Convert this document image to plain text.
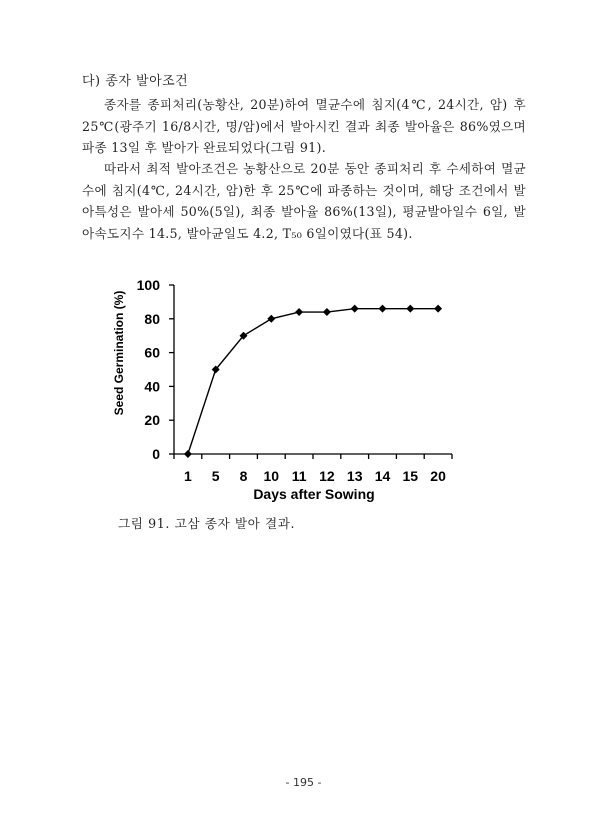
다) 종자 발아조건

종자를 종피처리(농황산, 20분)하여 멸균수에 침지(4℃, 24시간, 암) 후 25℃(광주기 16/8시간, 명/암)에서 발아시킨 결과 최종 발아율은 86%였으며 파종 13일 후 발아가 완료되었다(그림 91).

따라서 최적 발아조건은 농황산으로 20분 동안 종피처리 후 수세하여 멸균수에 침지(4℃, 24시간, 암)한 후 25℃에 파종하는 것이며, 해당 조건에서 발아특성은 발아세 50%(5일), 최종 발아율 86%(13일), 평균발아일수 6일, 발아속도지수 14.5, 발아균일도 4.2, T₅₀ 6일이였다(표 54).

0
20
40
60
80
100
1 5 8 10 11 12 13 14 15 20
Seed Germination (%)
Days after Sowing
그림 91. 고삼 종자 발아 결과.
- 195 -
